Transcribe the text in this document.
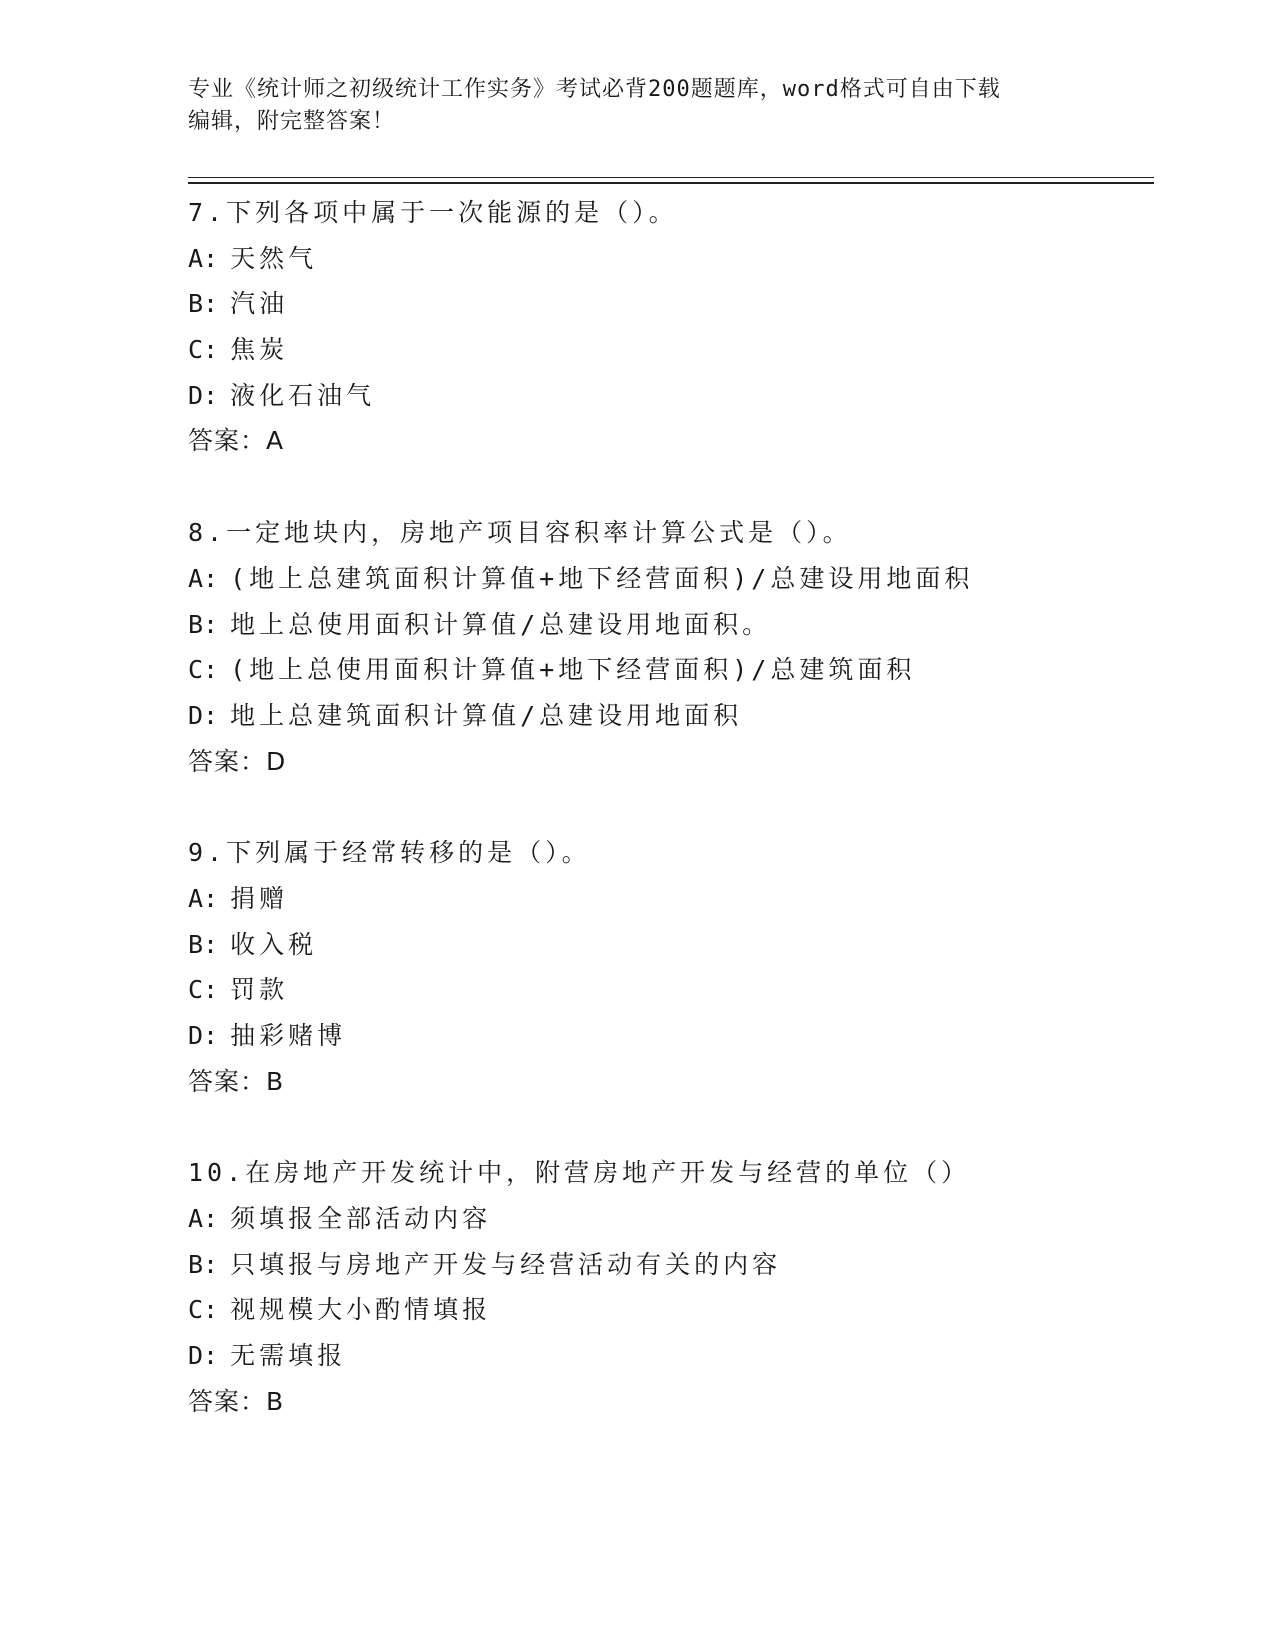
专业《统计师之初级统计工作实务》考试必背200题题库，word格式可自由下载
编辑，附完整答案！
7.下列各项中属于一次能源的是（）。
A: 天然气
B: 汽油
C: 焦炭
D: 液化石油气
答案：A
8.一定地块内，房地产项目容积率计算公式是（）。
A: (地上总建筑面积计算值+地下经营面积)/总建设用地面积
B: 地上总使用面积计算值/总建设用地面积。
C: (地上总使用面积计算值+地下经营面积)/总建筑面积
D: 地上总建筑面积计算值/总建设用地面积
答案：D
9.下列属于经常转移的是（）。
A: 捐赠
B: 收入税
C: 罚款
D: 抽彩赌博
答案：B
10.在房地产开发统计中，附营房地产开发与经营的单位（）
A: 须填报全部活动内容
B: 只填报与房地产开发与经营活动有关的内容
C: 视规模大小酌情填报
D: 无需填报
答案：B
